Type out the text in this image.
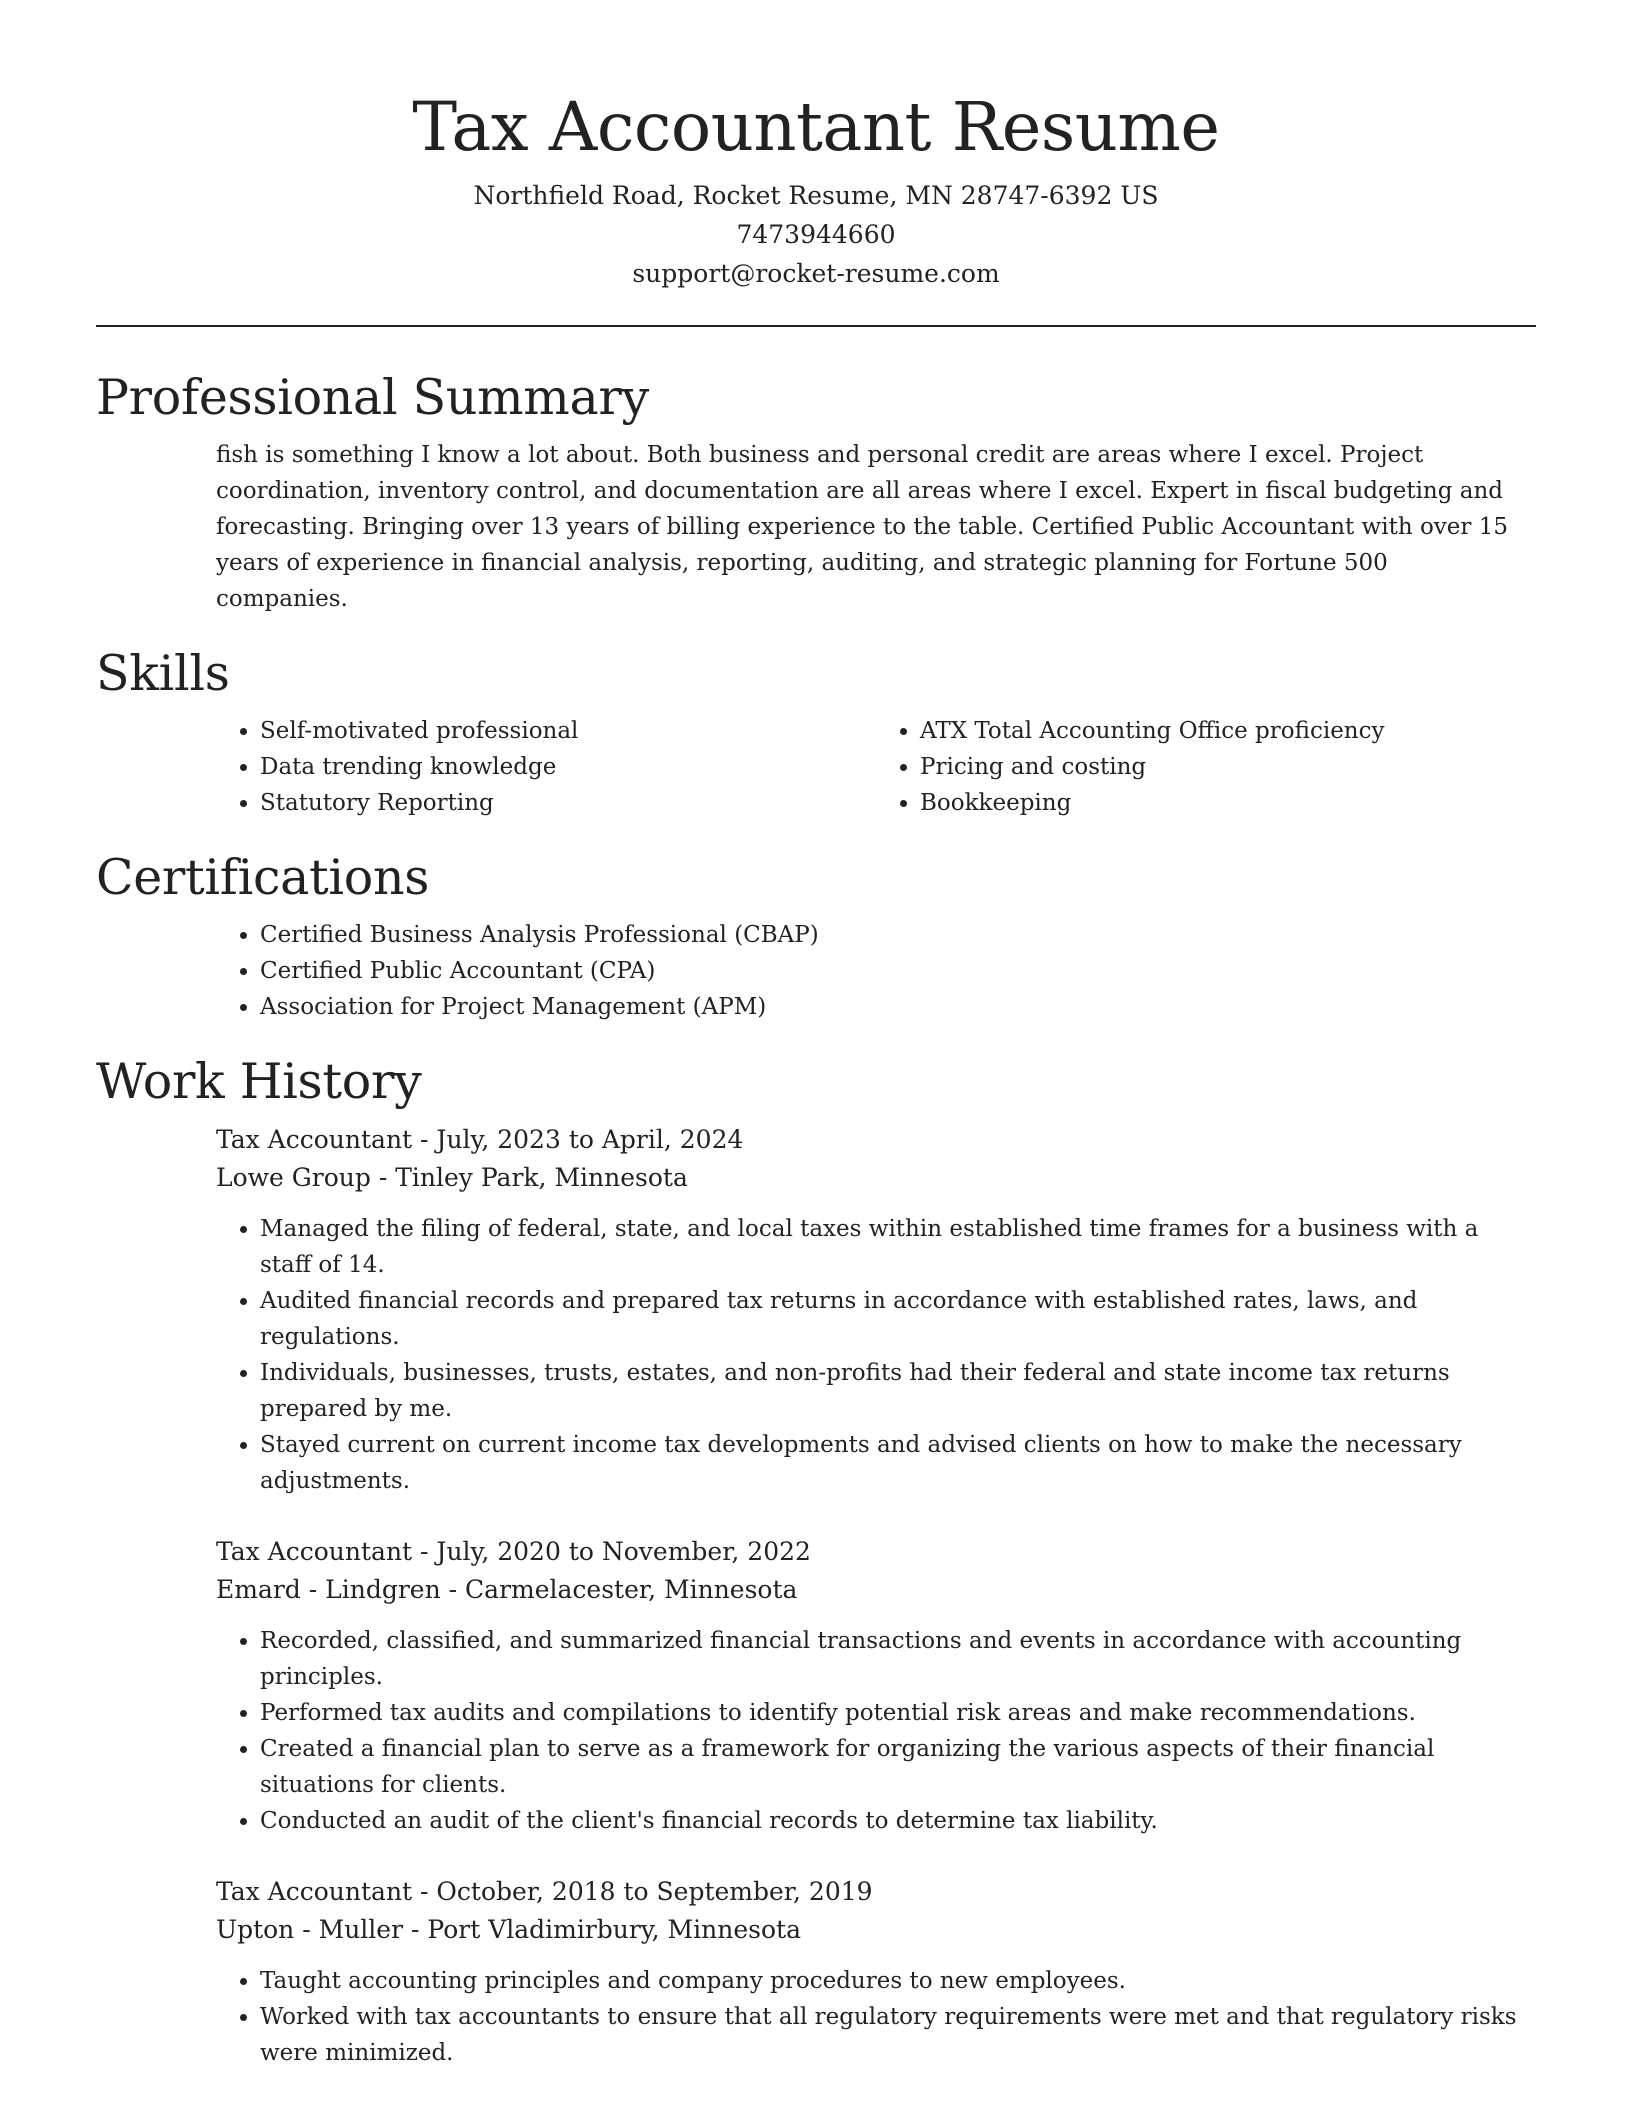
Tax Accountant Resume
Northfield Road, Rocket Resume, MN 28747-6392 US
7473944660
support@rocket-resume.com
Professional Summary

fish is something I know a lot about. Both business and personal credit are areas where I excel. Project coordination, inventory control, and documentation are all areas where I excel. Expert in fiscal budgeting and forecasting. Bringing over 13 years of billing experience to the table. Certified Public Accountant with over 15 years of experience in financial analysis, reporting, auditing, and strategic planning for Fortune 500 companies.

Skills
• Self-motivated professional
• Data trending knowledge
• Statutory Reporting
• ATX Total Accounting Office proficiency
• Pricing and costing
• Bookkeeping
Certifications
• Certified Business Analysis Professional (CBAP)
• Certified Public Accountant (CPA)
• Association for Project Management (APM)
Work History
Tax Accountant - July, 2023 to April, 2024
Lowe Group - Tinley Park, Minnesota
• Managed the filing of federal, state, and local taxes within established time frames for a business with a staff of 14.
• Audited financial records and prepared tax returns in accordance with established rates, laws, and regulations.
• Individuals, businesses, trusts, estates, and non-profits had their federal and state income tax returns prepared by me.
• Stayed current on current income tax developments and advised clients on how to make the necessary adjustments.
Tax Accountant - July, 2020 to November, 2022
Emard - Lindgren - Carmelacester, Minnesota
• Recorded, classified, and summarized financial transactions and events in accordance with accounting principles.
• Performed tax audits and compilations to identify potential risk areas and make recommendations.
• Created a financial plan to serve as a framework for organizing the various aspects of their financial situations for clients.
• Conducted an audit of the client's financial records to determine tax liability.
Tax Accountant - October, 2018 to September, 2019
Upton - Muller - Port Vladimirbury, Minnesota
• Taught accounting principles and company procedures to new employees.
• Worked with tax accountants to ensure that all regulatory requirements were met and that regulatory risks were minimized.
